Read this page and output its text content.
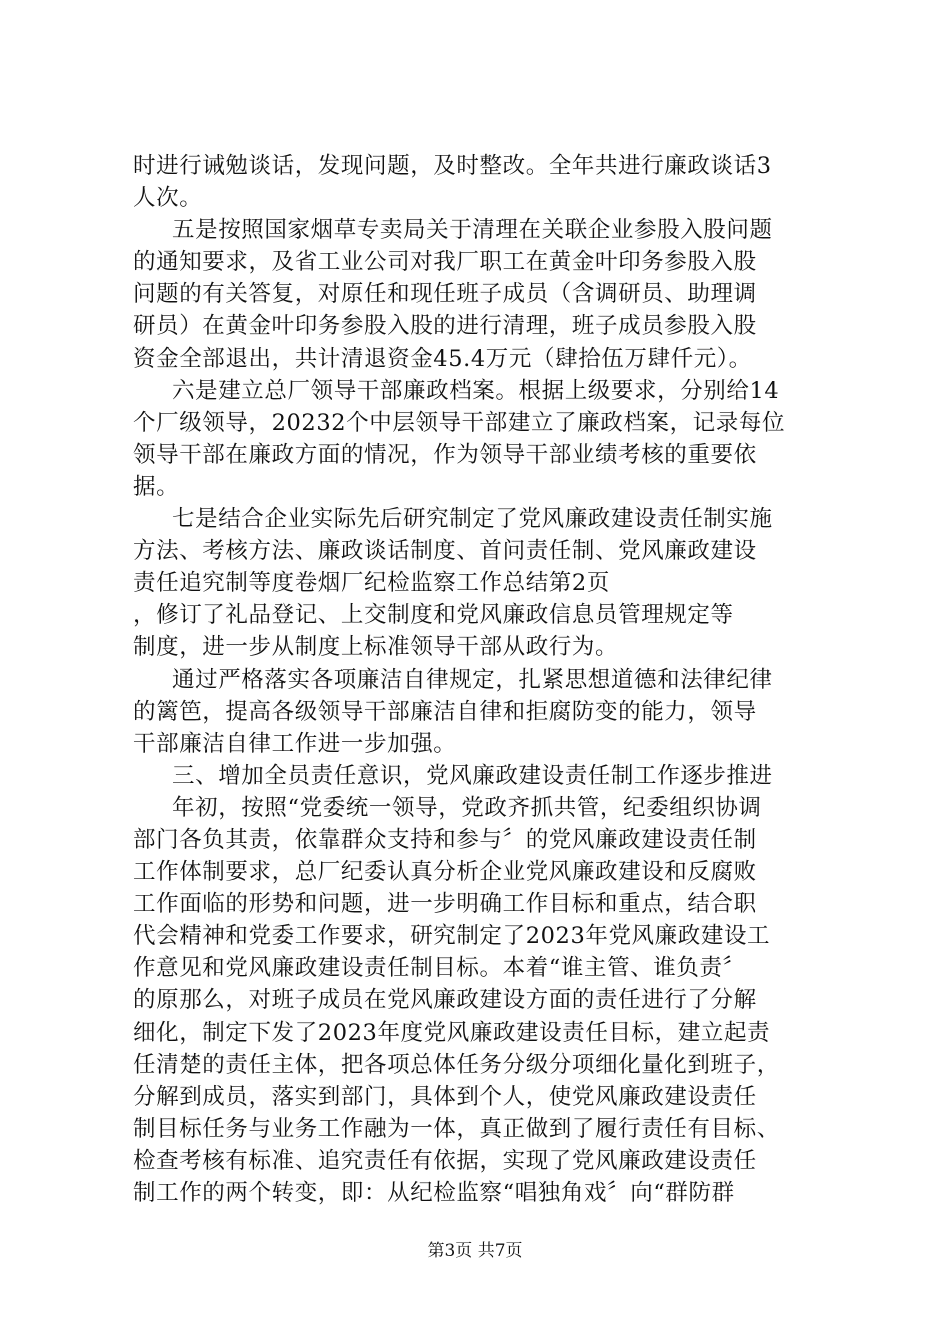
时进行诫勉谈话，发现问题，及时整改。全年共进行廉政谈话3
人次。
五是按照国家烟草专卖局关于清理在关联企业参股入股问题
的通知要求，及省工业公司对我厂职工在黄金叶印务参股入股
问题的有关答复，对原任和现任班子成员（含调研员、助理调
研员）在黄金叶印务参股入股的进行清理，班子成员参股入股
资金全部退出，共计清退资金45.4万元（肆拾伍万肆仟元）。
六是建立总厂领导干部廉政档案。根据上级要求，分别给14
个厂级领导，20232个中层领导干部建立了廉政档案，记录每位
领导干部在廉政方面的情况，作为领导干部业绩考核的重要依
据。
七是结合企业实际先后研究制定了党风廉政建设责任制实施
方法、考核方法、廉政谈话制度、首问责任制、党风廉政建设
责任追究制等度卷烟厂纪检监察工作总结第2页
，修订了礼品登记、上交制度和党风廉政信息员管理规定等
制度，进一步从制度上标准领导干部从政行为。
通过严格落实各项廉洁自律规定，扎紧思想道德和法律纪律
的篱笆，提高各级领导干部廉洁自律和拒腐防变的能力，领导
干部廉洁自律工作进一步加强。
三、增加全员责任意识，党风廉政建设责任制工作逐步推进
年初，按照“党委统一领导，党政齐抓共管，纪委组织协调
部门各负其责，依靠群众支持和参与〞的党风廉政建设责任制
工作体制要求，总厂纪委认真分析企业党风廉政建设和反腐败
工作面临的形势和问题，进一步明确工作目标和重点，结合职
代会精神和党委工作要求，研究制定了2023年党风廉政建设工
作意见和党风廉政建设责任制目标。本着“谁主管、谁负责〞
的原那么，对班子成员在党风廉政建设方面的责任进行了分解
细化，制定下发了2023年度党风廉政建设责任目标，建立起责
任清楚的责任主体，把各项总体任务分级分项细化量化到班子，
分解到成员，落实到部门，具体到个人，使党风廉政建设责任
制目标任务与业务工作融为一体，真正做到了履行责任有目标、
检查考核有标准、追究责任有依据，实现了党风廉政建设责任
制工作的两个转变，即：从纪检监察“唱独角戏〞向“群防群
第3页 共7页
